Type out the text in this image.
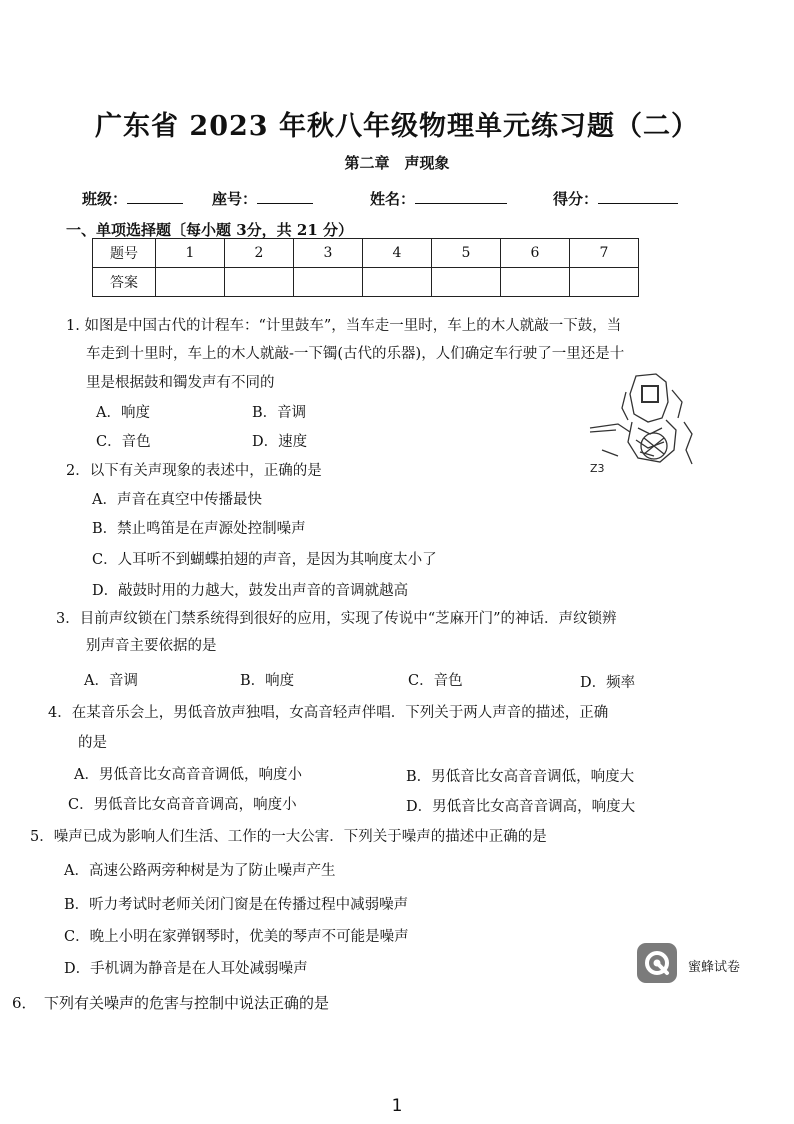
广东省 2023 年秋八年级物理单元练习题（二）
第二章　声现象
班级：	座号：	姓名：	得分：
一、单项选择题〔每小题 3分，共 21 分）
题号	1	2	3	4	5	6	7
答案							
1. 如图是中国古代的计程车：“计里鼓车”，当车走一里时，车上的木人就敲一下鼓，当
车走到十里时，车上的木人就敲-一下镯(古代的乐器)，人们确定车行驶了一里还是十
里是根据鼓和镯发声有不同的
A．响度	B．音调
C．音色	D．速度
Z3
2．以下有关声现象的表述中，正确的是
A．声音在真空中传播最快
B．禁止鸣笛是在声源处控制噪声
C．人耳听不到蝴蝶拍翅的声音，是因为其响度太小了
D．敲鼓时用的力越大，鼓发出声音的音调就越高
3．目前声纹锁在门禁系统得到很好的应用，实现了传说中“芝麻开门”的神话．声纹锁辨
别声音主要依据的是
A．音调	B．响度	C．音色	D．频率
4．在某音乐会上，男低音放声独唱，女高音轻声伴唱．下列关于两人声音的描述，正确
的是
A．男低音比女高音音调低，响度小	B．男低音比女高音音调低，响度大
C．男低音比女高音音调高，响度小	D．男低音比女高音音调高，响度大
5．噪声已成为影响人们生活、工作的一大公害．下列关于噪声的描述中正确的是
A．高速公路两旁种树是为了防止噪声产生
B．听力考试时老师关闭门窗是在传播过程中减弱噪声
C．晚上小明在家弹钢琴时，优美的琴声不可能是噪声
D．手机调为静音是在人耳处减弱噪声
6．　下列有关噪声的危害与控制中说法正确的是
蜜蜂试卷
1
